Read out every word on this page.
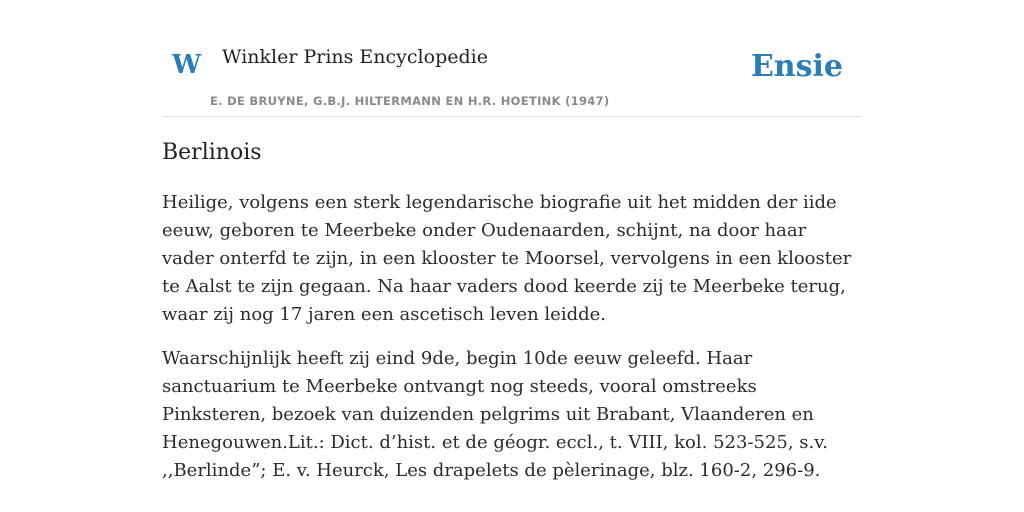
W Winkler Prins Encyclopedie
E. DE BRUYNE, G.B.J. HILTERMANN EN H.R. HOETINK (1947)
Ensie
Berlinois

Heilige, volgens een sterk legendarische biografie uit het midden der iide eeuw, geboren te Meerbeke onder Oudenaarden, schijnt, na door haar vader onterfd te zijn, in een klooster te Moorsel, vervolgens in een klooster te Aalst te zijn gegaan. Na haar vaders dood keerde zij te Meerbeke terug, waar zij nog 17 jaren een ascetisch leven leidde.

Waarschijnlijk heeft zij eind 9de, begin 10de eeuw geleefd. Haar sanctuarium te Meerbeke ontvangt nog steeds, vooral omstreeks Pinksteren, bezoek van duizenden pelgrims uit Brabant, Vlaanderen en Henegouwen.Lit.: Dict. d’hist. et de géogr. eccl., t. VIII, kol. 523-525, s.v. ,,Berlinde”; E. v. Heurck, Les drapelets de pèlerinage, blz. 160-2, 296-9.
